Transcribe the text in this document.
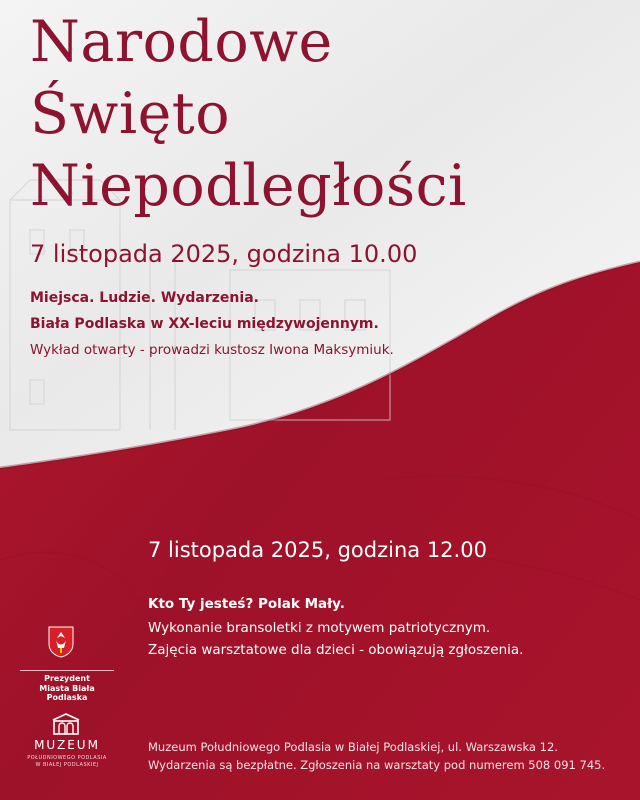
Narodowe
Święto
Niepodległości
7 listopada 2025, godzina 10.00
Miejsca. Ludzie. Wydarzenia.
Biała Podlaska w XX-leciu międzywojennym.
Wykład otwarty - prowadzi kustosz Iwona Maksymiuk.
7 listopada 2025, godzina 12.00
Kto Ty jesteś? Polak Mały.
Wykonanie bransoletki z motywem patriotycznym.
Zajęcia warsztatowe dla dzieci - obowiązują zgłoszenia.
Prezydent
Miasta Biała Podlaska
MUZEUM
POŁUDNIOWEGO PODLASIA
W BIAŁEJ PODLASKIEJ
Muzeum Południowego Podlasia w Białej Podlaskiej, ul. Warszawska 12.
Wydarzenia są bezpłatne. Zgłoszenia na warsztaty pod numerem 508 091 745.
